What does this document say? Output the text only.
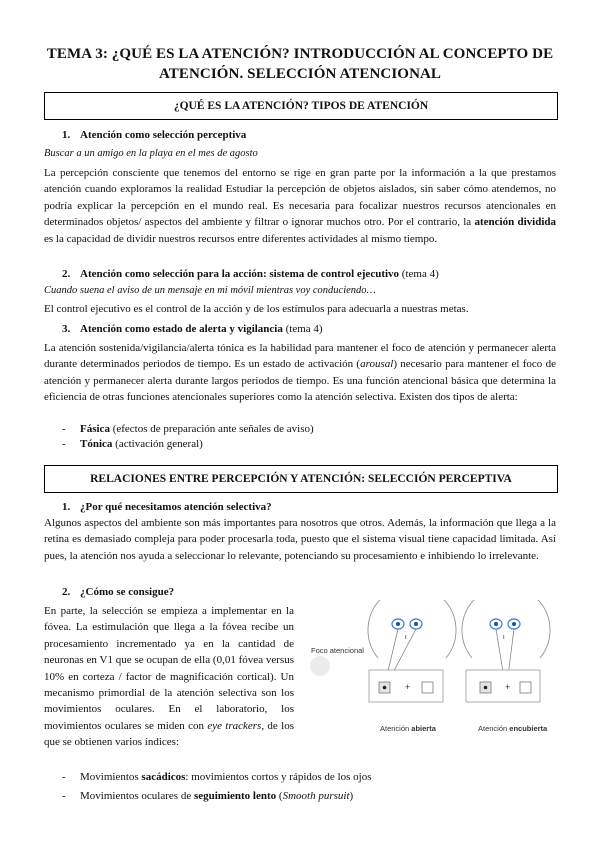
TEMA 3: ¿QUÉ ES LA ATENCIÓN? INTRODUCCIÓN AL CONCEPTO DE ATENCIÓN. SELECCIÓN ATENCIONAL
¿QUÉ ES LA ATENCIÓN? TIPOS DE ATENCIÓN
1. Atención como selección perceptiva
Buscar a un amigo en la playa en el mes de agosto
La percepción consciente que tenemos del entorno se rige en gran parte por la información a la que prestamos atención cuando exploramos la realidad Estudiar la percepción de objetos aislados, sin saber cómo atendemos, no podría explicar la percepción en el mundo real. Es necesaria para focalizar nuestros recursos atencionales en determinados objetos/ aspectos del ambiente y filtrar o ignorar muchos otro. Por el contrario, la atención dividida es la capacidad de dividir nuestros recursos entre diferentes actividades al mismo tiempo.
2. Atención como selección para la acción: sistema de control ejecutivo (tema 4)
Cuando suena el aviso de un mensaje en mi móvil mientras voy conduciendo…
El control ejecutivo es el control de la acción y de los estímulos para adecuarla a nuestras metas.
3. Atención como estado de alerta y vigilancia (tema 4)
La atención sostenida/vigilancia/alerta tónica es la habilidad para mantener el foco de atención y permanecer alerta durante determinados periodos de tiempo. Es un estado de activación (arousal) necesario para mantener el foco de atención y permanecer alerta durante largos periodos de tiempo. Es una función atencional básica que determina la eficiencia de otras funciones atencionales superiores como la atención selectiva. Existen dos tipos de alerta:
- Fásica (efectos de preparación ante señales de aviso)
- Tónica (activación general)
RELACIONES ENTRE PERCEPCIÓN Y ATENCIÓN: SELECCIÓN PERCEPTIVA
1. ¿Por qué necesitamos atención selectiva?
Algunos aspectos del ambiente son más importantes para nosotros que otros. Además, la información que llega a la retina es demasiado compleja para poder procesarla toda, puesto que el sistema visual tiene capacidad limitada. Así pues, la atención nos ayuda a seleccionar lo relevante, potenciando su procesamiento e inhibiendo lo irrelevante.
2. ¿Cómo se consigue?
En parte, la selección se empieza a implementar en la fóvea. La estimulación que llega a la fóvea recibe un procesamiento incrementado ya en la cantidad de neuronas en V1 que se ocupan de ella (0,01 fóvea versus 10% en corteza / factor de magnificación cortical). Un mecanismo primordial de la atención selectiva son los movimientos oculares. En el laboratorio, los movimientos oculares se miden con eye trackers, de los que se obtienen varios índices:
- Movimientos sacádicos: movimientos cortos y rápidos de los ojos
- Movimientos oculares de seguimiento lento (Smooth pursuit)
Foco atencional
ι	ι
+	+
Atención abierta	Atención encubierta
